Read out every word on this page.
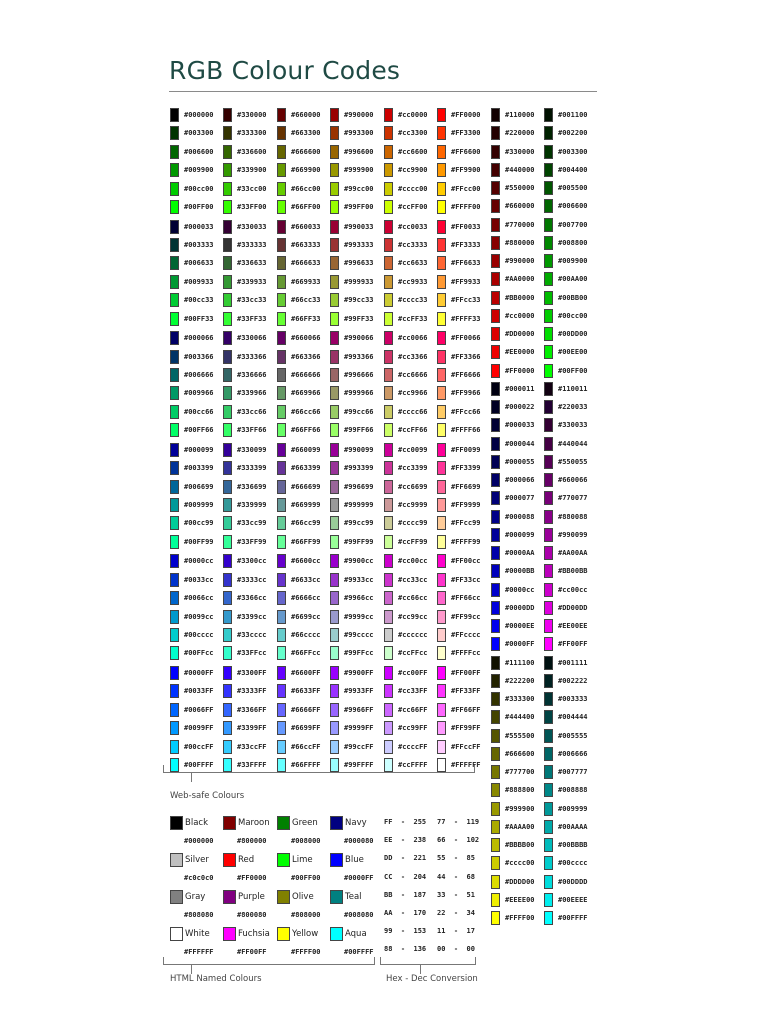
RGB Colour Codes
#000000
#003300
#006600
#009900
#00cc00
#00FF00
#000033
#003333
#006633
#009933
#00cc33
#00FF33
#000066
#003366
#006666
#009966
#00cc66
#00FF66
#000099
#003399
#006699
#009999
#00cc99
#00FF99
#0000cc
#0033cc
#0066cc
#0099cc
#00cccc
#00FFcc
#0000FF
#0033FF
#0066FF
#0099FF
#00ccFF
#00FFFF
#330000
#333300
#336600
#339900
#33cc00
#33FF00
#330033
#333333
#336633
#339933
#33cc33
#33FF33
#330066
#333366
#336666
#339966
#33cc66
#33FF66
#330099
#333399
#336699
#339999
#33cc99
#33FF99
#3300cc
#3333cc
#3366cc
#3399cc
#33cccc
#33FFcc
#3300FF
#3333FF
#3366FF
#3399FF
#33ccFF
#33FFFF
#660000
#663300
#666600
#669900
#66cc00
#66FF00
#660033
#663333
#666633
#669933
#66cc33
#66FF33
#660066
#663366
#666666
#669966
#66cc66
#66FF66
#660099
#663399
#666699
#669999
#66cc99
#66FF99
#6600cc
#6633cc
#6666cc
#6699cc
#66cccc
#66FFcc
#6600FF
#6633FF
#6666FF
#6699FF
#66ccFF
#66FFFF
#990000
#993300
#996600
#999900
#99cc00
#99FF00
#990033
#993333
#996633
#999933
#99cc33
#99FF33
#990066
#993366
#996666
#999966
#99cc66
#99FF66
#990099
#993399
#996699
#999999
#99cc99
#99FF99
#9900cc
#9933cc
#9966cc
#9999cc
#99cccc
#99FFcc
#9900FF
#9933FF
#9966FF
#9999FF
#99ccFF
#99FFFF
#cc0000
#cc3300
#cc6600
#cc9900
#cccc00
#ccFF00
#cc0033
#cc3333
#cc6633
#cc9933
#cccc33
#ccFF33
#cc0066
#cc3366
#cc6666
#cc9966
#cccc66
#ccFF66
#cc0099
#cc3399
#cc6699
#cc9999
#cccc99
#ccFF99
#cc00cc
#cc33cc
#cc66cc
#cc99cc
#cccccc
#ccFFcc
#cc00FF
#cc33FF
#cc66FF
#cc99FF
#ccccFF
#ccFFFF
#FF0000
#FF3300
#FF6600
#FF9900
#FFcc00
#FFFF00
#FF0033
#FF3333
#FF6633
#FF9933
#FFcc33
#FFFF33
#FF0066
#FF3366
#FF6666
#FF9966
#FFcc66
#FFFF66
#FF0099
#FF3399
#FF6699
#FF9999
#FFcc99
#FFFF99
#FF00cc
#FF33cc
#FF66cc
#FF99cc
#FFcccc
#FFFFcc
#FF00FF
#FF33FF
#FF66FF
#FF99FF
#FFccFF
#FFFFFF
#110000
#220000
#330000
#440000
#550000
#660000
#770000
#880000
#990000
#AA0000
#BB0000
#cc0000
#DD0000
#EE0000
#FF0000
#000011
#000022
#000033
#000044
#000055
#000066
#000077
#000088
#000099
#0000AA
#0000BB
#0000cc
#0000DD
#0000EE
#0000FF
#111100
#222200
#333300
#444400
#555500
#666600
#777700
#888800
#999900
#AAAA00
#BBBB00
#cccc00
#DDDD00
#EEEE00
#FFFF00
#001100
#002200
#003300
#004400
#005500
#006600
#007700
#008800
#009900
#00AA00
#00BB00
#00cc00
#00DD00
#00EE00
#00FF00
#110011
#220033
#330033
#440044
#550055
#660066
#770077
#880088
#990099
#AA00AA
#BB00BB
#cc00cc
#DD00DD
#EE00EE
#FF00FF
#001111
#002222
#003333
#004444
#005555
#006666
#007777
#008888
#009999
#00AAAA
#00BBBB
#00cccc
#00DDDD
#00EEEE
#00FFFF
Web-safe Colours
Black
#000000
Maroon
#800000
Green
#008000
Navy
#000080
Silver
#c0c0c0
Red
#FF0000
Lime
#00FF00
Blue
#0000FF
Gray
#808080
Purple
#800080
Olive
#808000
Teal
#008080
White
#FFFFFF
Fuchsia
#FF00FF
Yellow
#FFFF00
Aqua
#00FFFF
FF  -  255
EE  -  238
DD  -  221
CC  -  204
BB  -  187
AA  -  170
99  -  153
88  -  136
77  -  119
66  -  102
55  -  85
44  -  68
33  -  51
22  -  34
11  -  17
00  -  00
HTML Named Colours	Hex - Dec Conversion
